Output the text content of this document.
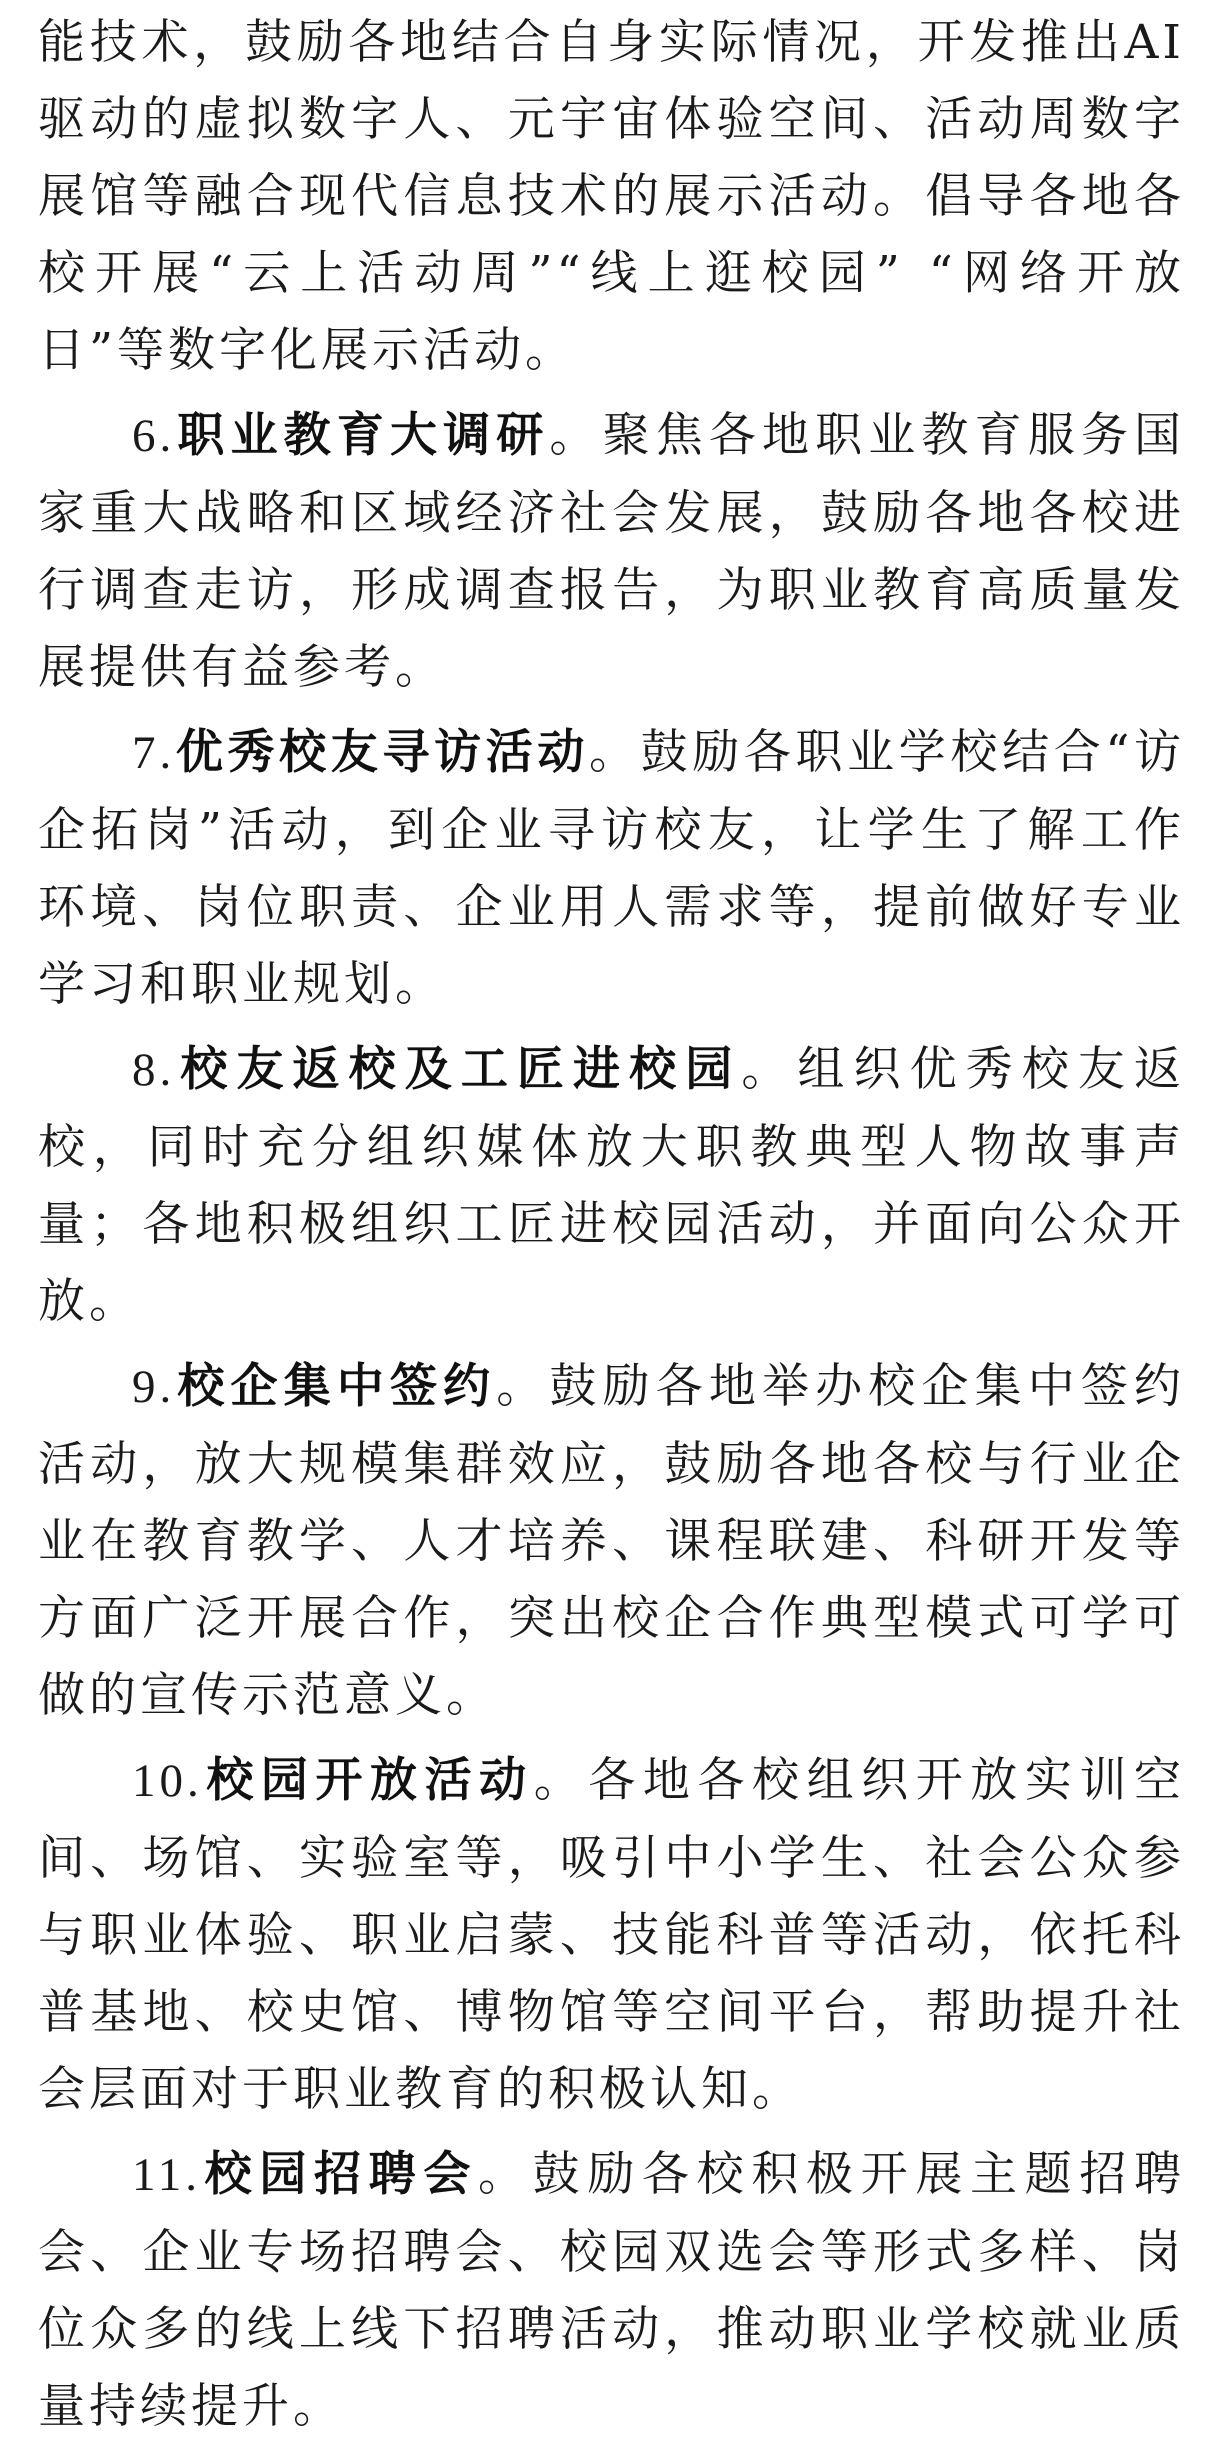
能技术，鼓励各地结合自身实际情况，开发推出AI驱动的虚拟数字人、元宇宙体验空间、活动周数字展馆等融合现代信息技术的展示活动。倡导各地各校开展“云上活动周”“线上逛校园” “网络开放日”等数字化展示活动。

6.职业教育大调研。聚焦各地职业教育服务国家重大战略和区域经济社会发展，鼓励各地各校进行调查走访，形成调查报告，为职业教育高质量发展提供有益参考。

7.优秀校友寻访活动。鼓励各职业学校结合“访企拓岗”活动，到企业寻访校友，让学生了解工作环境、岗位职责、企业用人需求等，提前做好专业学习和职业规划。

8.校友返校及工匠进校园。组织优秀校友返校，同时充分组织媒体放大职教典型人物故事声量；各地积极组织工匠进校园活动，并面向公众开放。

9.校企集中签约。鼓励各地举办校企集中签约活动，放大规模集群效应，鼓励各地各校与行业企业在教育教学、人才培养、课程联建、科研开发等方面广泛开展合作，突出校企合作典型模式可学可做的宣传示范意义。

10.校园开放活动。各地各校组织开放实训空间、场馆、实验室等，吸引中小学生、社会公众参与职业体验、职业启蒙、技能科普等活动，依托科普基地、校史馆、博物馆等空间平台，帮助提升社会层面对于职业教育的积极认知。

11.校园招聘会。鼓励各校积极开展主题招聘会、企业专场招聘会、校园双选会等形式多样、岗位众多的线上线下招聘活动，推动职业学校就业质量持续提升。
